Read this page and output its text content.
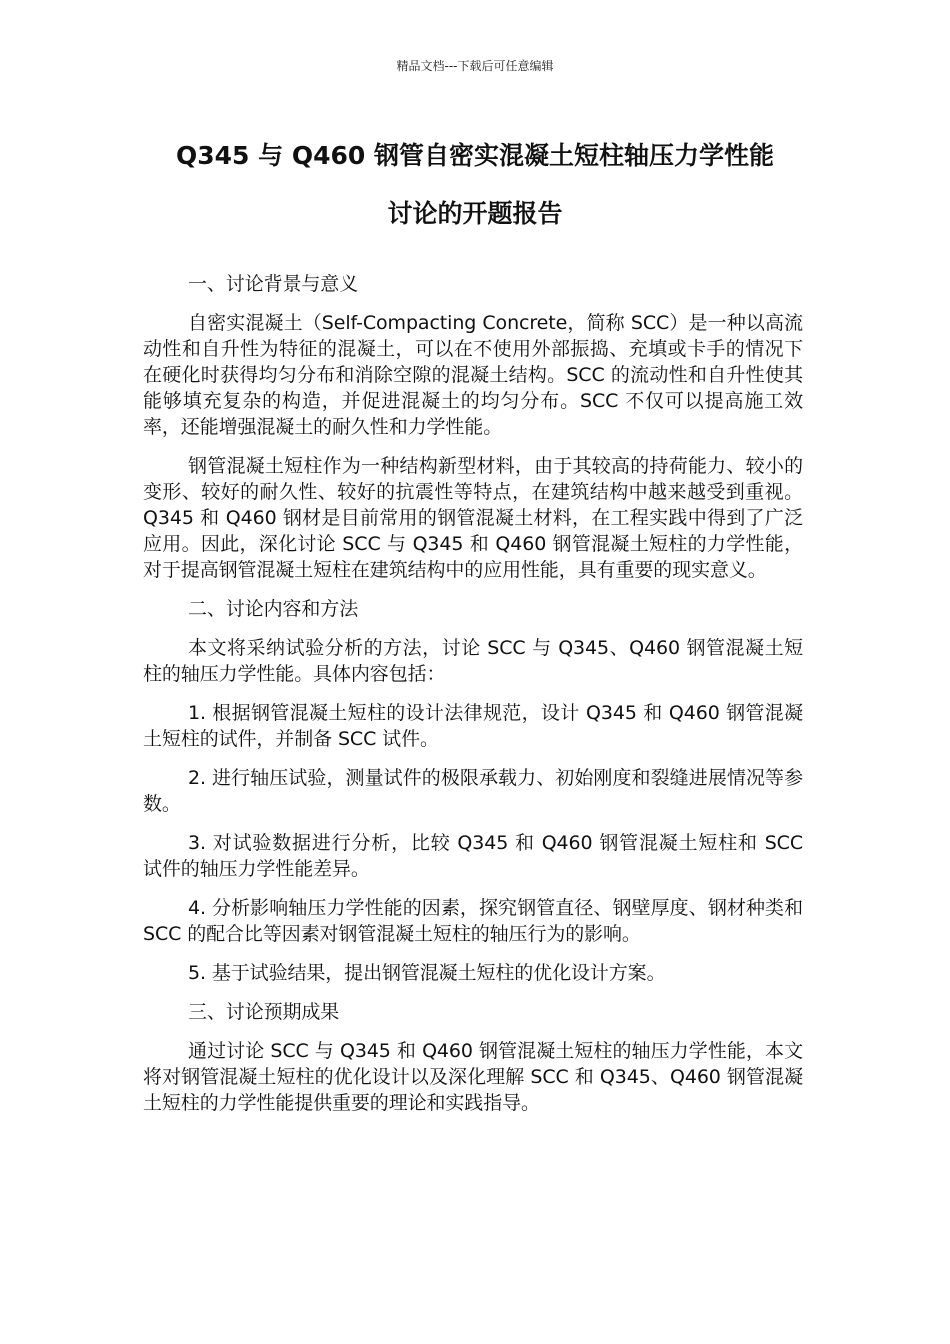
精品文档---下载后可任意编辑
Q345 与 Q460 钢管自密实混凝土短柱轴压力学性能
讨论的开题报告

一、讨论背景与意义

自密实混凝土（Self-Compacting Concrete，简称 SCC）是一种以高流动性和自升性为特征的混凝土，可以在不使用外部振捣、充填或卡手的情况下在硬化时获得均匀分布和消除空隙的混凝土结构。SCC 的流动性和自升性使其能够填充复杂的构造，并促进混凝土的均匀分布。SCC 不仅可以提高施工效率，还能增强混凝土的耐久性和力学性能。

钢管混凝土短柱作为一种结构新型材料，由于其较高的持荷能力、较小的变形、较好的耐久性、较好的抗震性等特点，在建筑结构中越来越受到重视。Q345 和 Q460 钢材是目前常用的钢管混凝土材料，在工程实践中得到了广泛应用。因此，深化讨论 SCC 与 Q345 和 Q460 钢管混凝土短柱的力学性能，对于提高钢管混凝土短柱在建筑结构中的应用性能，具有重要的现实意义。

二、讨论内容和方法

本文将采纳试验分析的方法，讨论 SCC 与 Q345、Q460 钢管混凝土短柱的轴压力学性能。具体内容包括：

1. 根据钢管混凝土短柱的设计法律规范，设计 Q345 和 Q460 钢管混凝土短柱的试件，并制备 SCC 试件。

2. 进行轴压试验，测量试件的极限承载力、初始刚度和裂缝进展情况等参数。

3. 对试验数据进行分析，比较 Q345 和 Q460 钢管混凝土短柱和 SCC 试件的轴压力学性能差异。

4. 分析影响轴压力学性能的因素，探究钢管直径、钢壁厚度、钢材种类和 SCC 的配合比等因素对钢管混凝土短柱的轴压行为的影响。

5. 基于试验结果，提出钢管混凝土短柱的优化设计方案。

三、讨论预期成果

通过讨论 SCC 与 Q345 和 Q460 钢管混凝土短柱的轴压力学性能，本文将对钢管混凝土短柱的优化设计以及深化理解 SCC 和 Q345、Q460 钢管混凝土短柱的力学性能提供重要的理论和实践指导。
